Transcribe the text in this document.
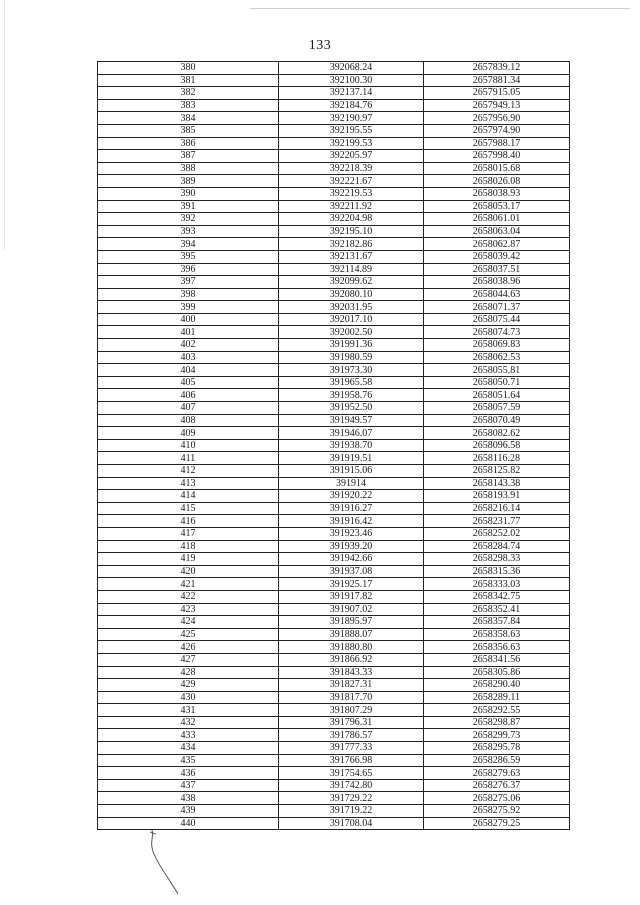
133
380	392068.24	2657839.12
381	392100.30	2657881.34
382	392137.14	2657915.05
383	392184.76	2657949.13
384	392190.97	2657956.90
385	392195.55	2657974.90
386	392199.53	2657988.17
387	392205.97	2657998.40
388	392218.39	2658015.68
389	392221.67	2658026.08
390	392219.53	2658038.93
391	392211.92	2658053.17
392	392204.98	2658061.01
393	392195.10	2658063.04
394	392182.86	2658062.87
395	392131.67	2658039.42
396	392114.89	2658037.51
397	392099.62	2658038.96
398	392080.10	2658044.63
399	392031.95	2658071.37
400	392017.10	2658075.44
401	392002.50	2658074.73
402	391991.36	2658069.83
403	391980.59	2658062.53
404	391973.30	2658055.81
405	391965.58	2658050.71
406	391958.76	2658051.64
407	391952.50	2658057.59
408	391949.57	2658070.49
409	391946.07	2658082.62
410	391938.70	2658096.58
411	391919.51	2658116.28
412	391915.06	2658125.82
413	391914	2658143.38
414	391920.22	2658193.91
415	391916.27	2658216.14
416	391916.42	2658231.77
417	391923.46	2658252.02
418	391939.20	2658284.74
419	391942.66	2658298.33
420	391937.08	2658315.36
421	391925.17	2658333.03
422	391917.82	2658342.75
423	391907.02	2658352.41
424	391895.97	2658357.84
425	391888.07	2658358.63
426	391880.80	2658356.63
427	391866.92	2658341.56
428	391843.33	2658305.86
429	391827.31	2658290.40
430	391817.70	2658289.11
431	391807.29	2658292.55
432	391796.31	2658298.87
433	391786.57	2658299.73
434	391777.33	2658295.78
435	391766.98	2658286.59
436	391754.65	2658279.63
437	391742.80	2658276.37
438	391729.22	2658275.06
439	391719.22	2658275.92
440	391708.04	2658279.25
